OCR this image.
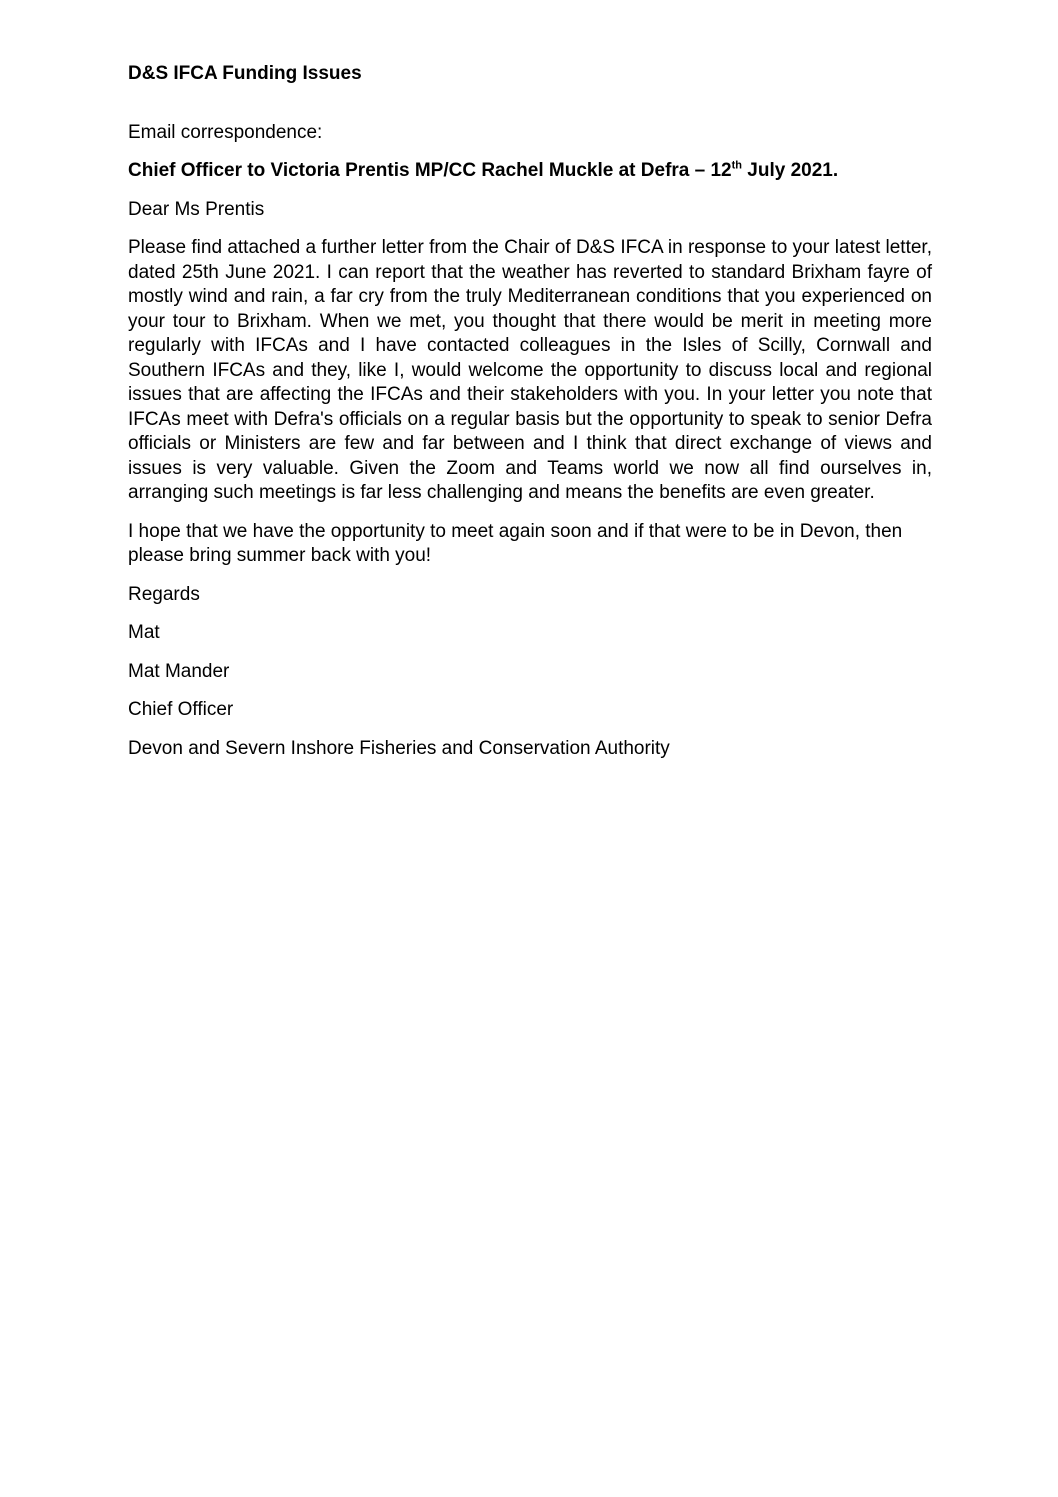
D&S IFCA Funding Issues

Email correspondence:

Chief Officer to Victoria Prentis MP/CC Rachel Muckle at Defra – 12th July 2021.

Dear Ms Prentis

Please find attached a further letter from the Chair of D&S IFCA in response to your latest letter, dated 25th June 2021. I can report that the weather has reverted to standard Brixham fayre of mostly wind and rain, a far cry from the truly Mediterranean conditions that you experienced on your tour to Brixham. When we met, you thought that there would be merit in meeting more regularly with IFCAs and I have contacted colleagues in the Isles of Scilly, Cornwall and Southern IFCAs and they, like I, would welcome the opportunity to discuss local and regional issues that are affecting the IFCAs and their stakeholders with you. In your letter you note that IFCAs meet with Defra's officials on a regular basis but the opportunity to speak to senior Defra officials or Ministers are few and far between and I think that direct exchange of views and issues is very valuable. Given the Zoom and Teams world we now all find ourselves in, arranging such meetings is far less challenging and means the benefits are even greater.

I hope that we have the opportunity to meet again soon and if that were to be in Devon, then please bring summer back with you!

Regards

Mat

Mat Mander

Chief Officer

Devon and Severn Inshore Fisheries and Conservation Authority
